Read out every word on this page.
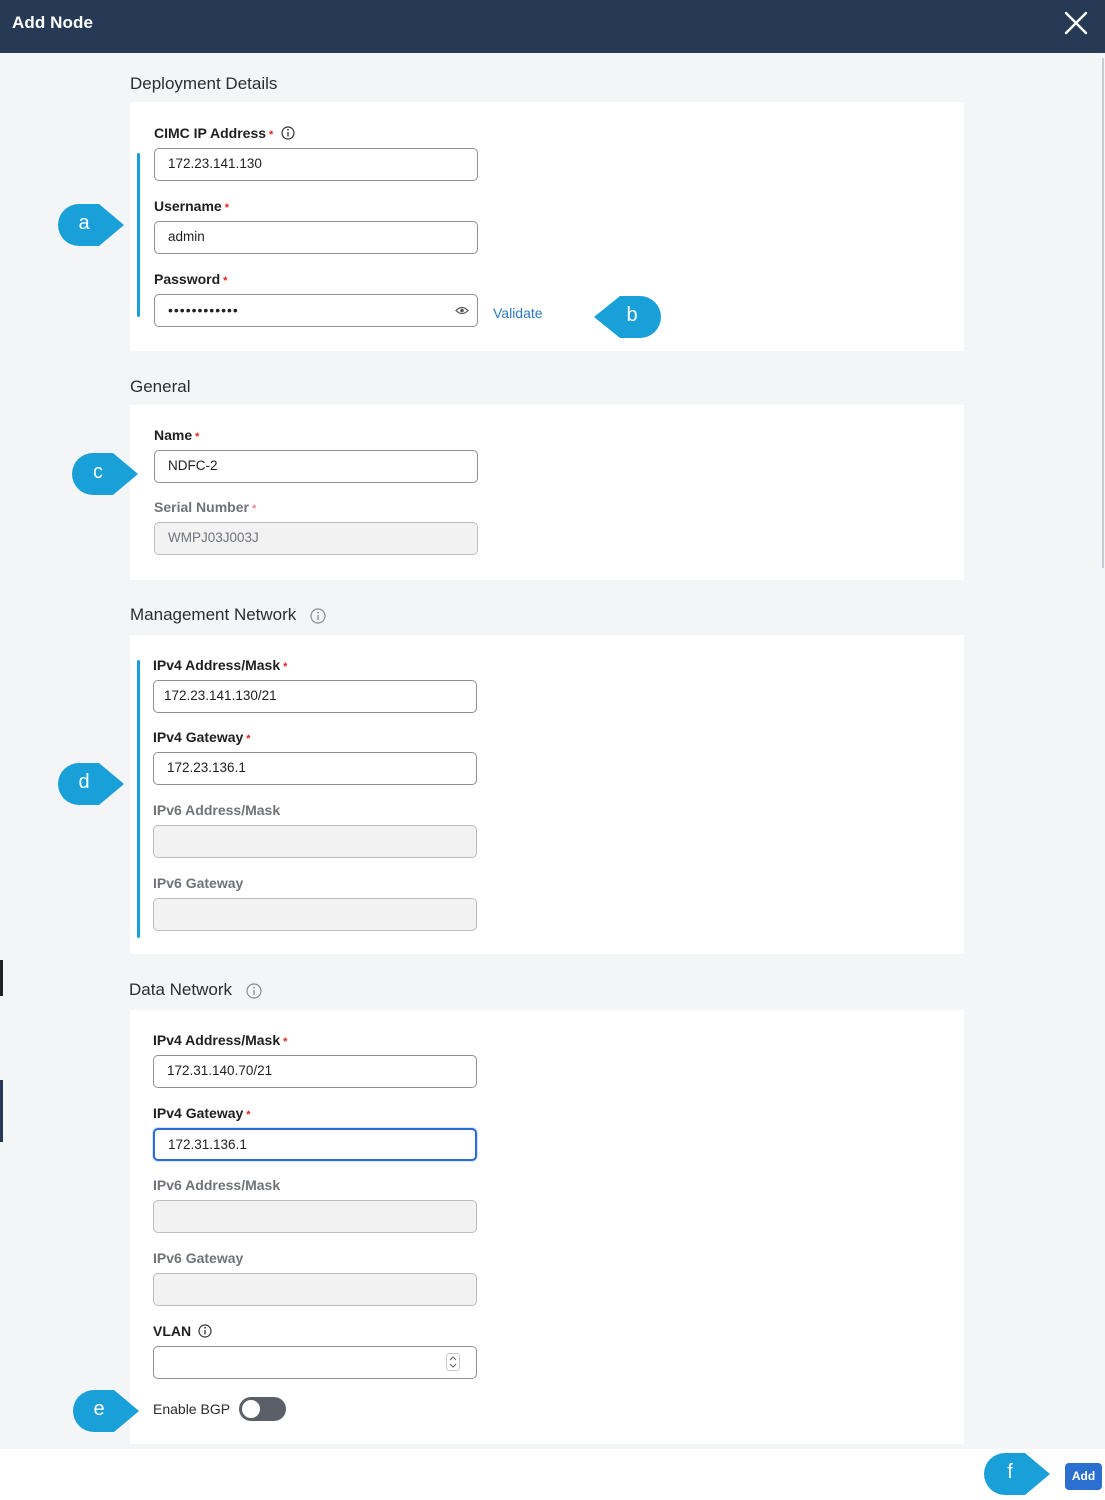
Add Node
Deployment Details
CIMC IP Address *
172.23.141.130
Username *
admin
Password *
••••••••••••	Validate
General
Name *
NDFC-2
Serial Number *
WMPJ03J003J
Management Network
IPv4 Address/Mask *
172.23.141.130/21
IPv4 Gateway *
172.23.136.1
IPv6 Address/Mask
IPv6 Gateway
Data Network
IPv4 Address/Mask *
172.31.140.70/21
IPv4 Gateway *
172.31.136.1
IPv6 Address/Mask
IPv6 Gateway
VLAN
Enable BGP
Add
a
b
c
d
e
f
